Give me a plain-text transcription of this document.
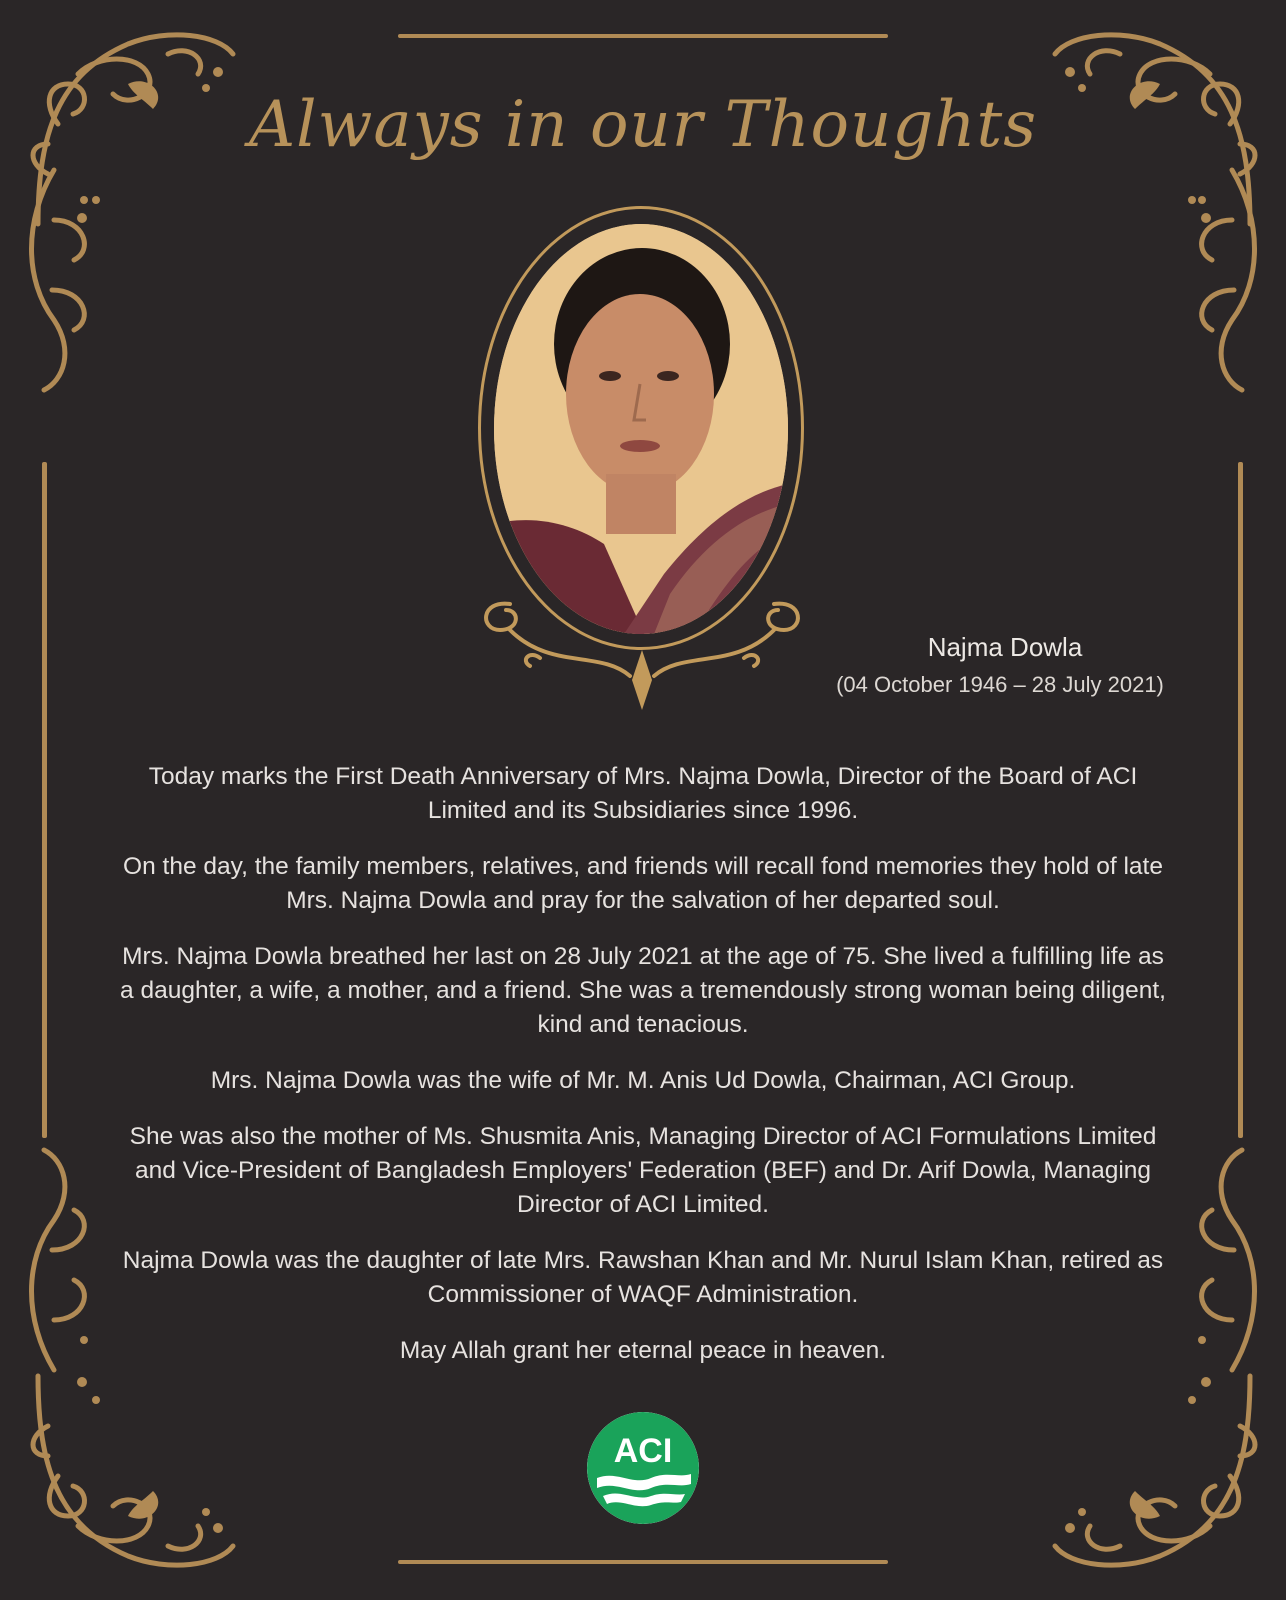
Always in our Thoughts
Najma Dowla
(04 October 1946 – 28 July 2021)

Today marks the First Death Anniversary of Mrs. Najma Dowla, Director of the Board of ACI Limited and its Subsidiaries since 1996.

On the day, the family members, relatives, and friends will recall fond memories they hold of late Mrs. Najma Dowla and pray for the salvation of her departed soul.

Mrs. Najma Dowla breathed her last on 28 July 2021 at the age of 75. She lived a fulfilling life as a daughter, a wife, a mother, and a friend. She was a tremendously strong woman being diligent, kind and tenacious.

Mrs. Najma Dowla was the wife of Mr. M. Anis Ud Dowla, Chairman, ACI Group.

She was also the mother of Ms. Shusmita Anis, Managing Director of ACI Formulations Limited and Vice-President of Bangladesh Employers' Federation (BEF) and Dr. Arif Dowla, Managing Director of ACI Limited.

Najma Dowla was the daughter of late Mrs. Rawshan Khan and Mr. Nurul Islam Khan, retired as Commissioner of WAQF Administration.

May Allah grant her eternal peace in heaven.

ACI
